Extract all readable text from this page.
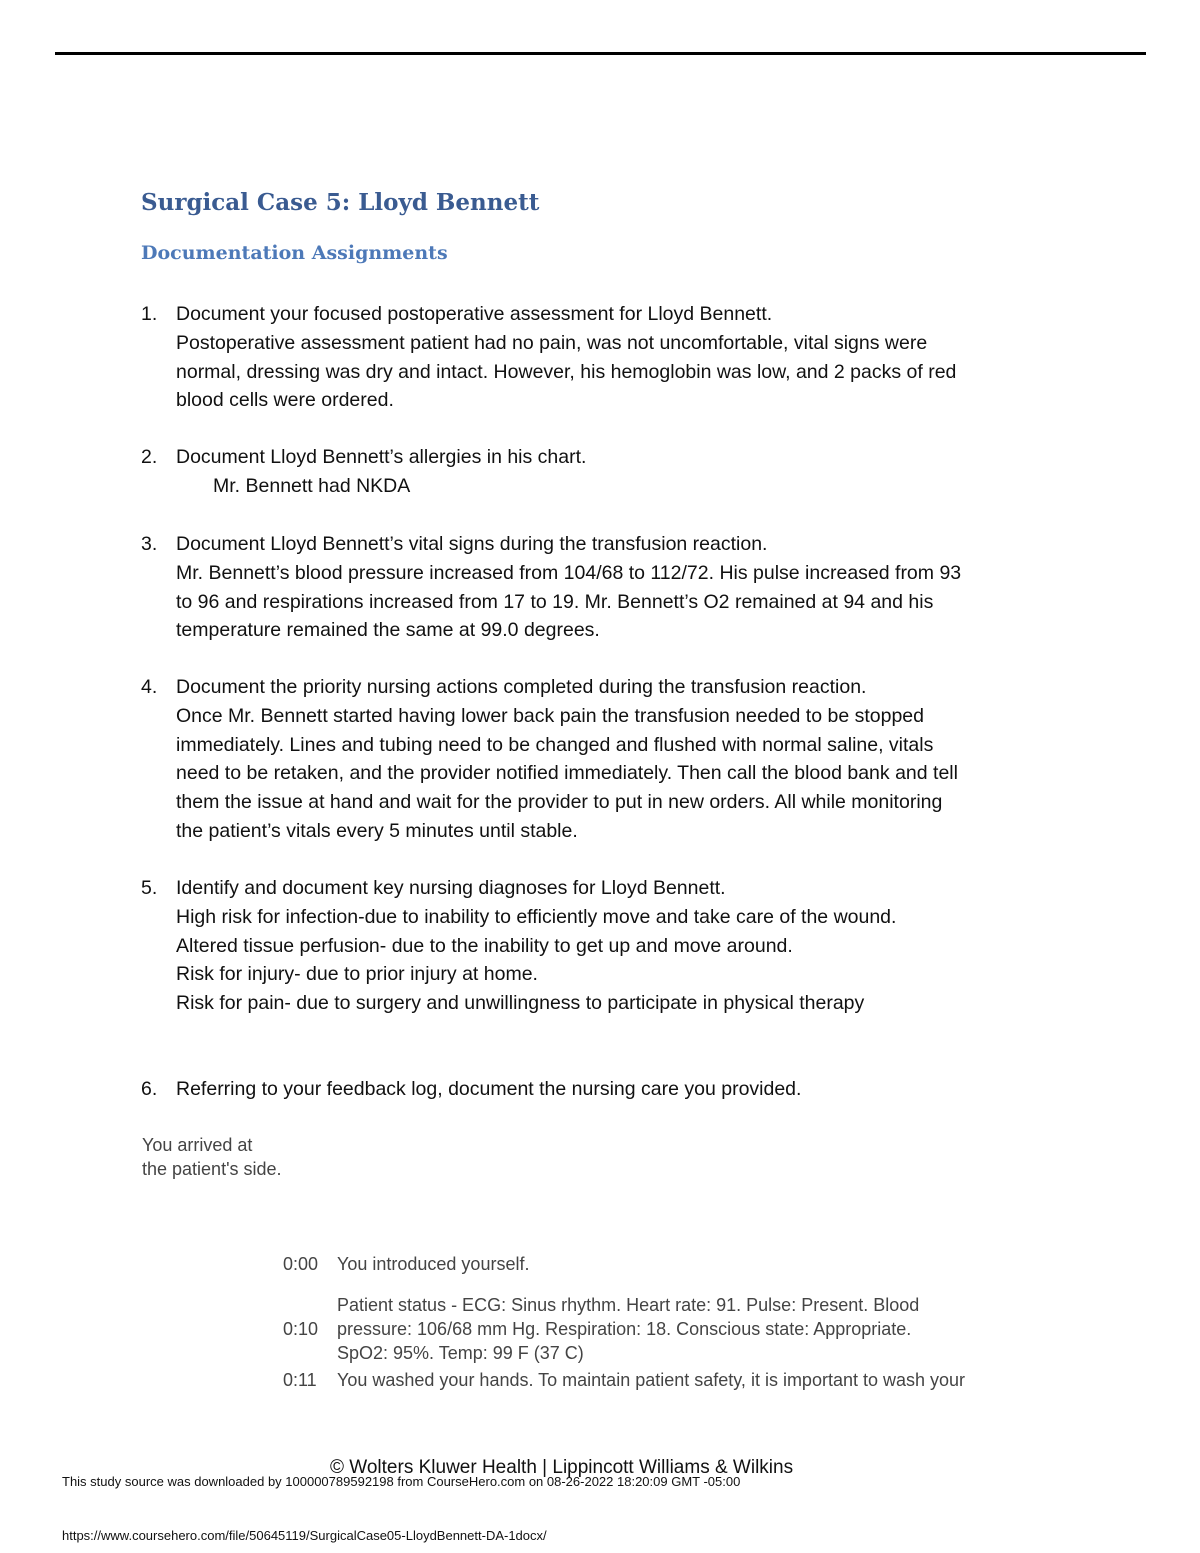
Surgical Case 5: Lloyd Bennett
Documentation Assignments
1. Document your focused postoperative assessment for Lloyd Bennett.
Postoperative assessment patient had no pain, was not uncomfortable, vital signs were
normal, dressing was dry and intact. However, his hemoglobin was low, and 2 packs of red
blood cells were ordered.
2. Document Lloyd Bennett’s allergies in his chart.
Mr. Bennett had NKDA
3. Document Lloyd Bennett’s vital signs during the transfusion reaction.
Mr. Bennett’s blood pressure increased from 104/68 to 112/72. His pulse increased from 93
to 96 and respirations increased from 17 to 19. Mr. Bennett’s O2 remained at 94 and his
temperature remained the same at 99.0 degrees.
4. Document the priority nursing actions completed during the transfusion reaction.
Once Mr. Bennett started having lower back pain the transfusion needed to be stopped
immediately. Lines and tubing need to be changed and flushed with normal saline, vitals
need to be retaken, and the provider notified immediately. Then call the blood bank and tell
them the issue at hand and wait for the provider to put in new orders. All while monitoring
the patient’s vitals every 5 minutes until stable.
5. Identify and document key nursing diagnoses for Lloyd Bennett.
High risk for infection-due to inability to efficiently move and take care of the wound.
Altered tissue perfusion- due to the inability to get up and move around.
Risk for injury- due to prior injury at home.
Risk for pain- due to surgery and unwillingness to participate in physical therapy
6. Referring to your feedback log, document the nursing care you provided.
You arrived at the patient's side.
0:00	You introduced yourself.
0:10
Patient status - ECG: Sinus rhythm. Heart rate: 91. Pulse: Present. Blood
pressure: 106/68 mm Hg. Respiration: 18. Conscious state: Appropriate.
SpO2: 95%. Temp: 99 F (37 C)
0:11	You washed your hands. To maintain patient safety, it is important to wash your
© Wolters Kluwer Health | Lippincott Williams & Wilkins
This study source was downloaded by 100000789592198 from CourseHero.com on 08-26-2022 18:20:09 GMT -05:00
https://www.coursehero.com/file/50645119/SurgicalCase05-LloydBennett-DA-1docx/
